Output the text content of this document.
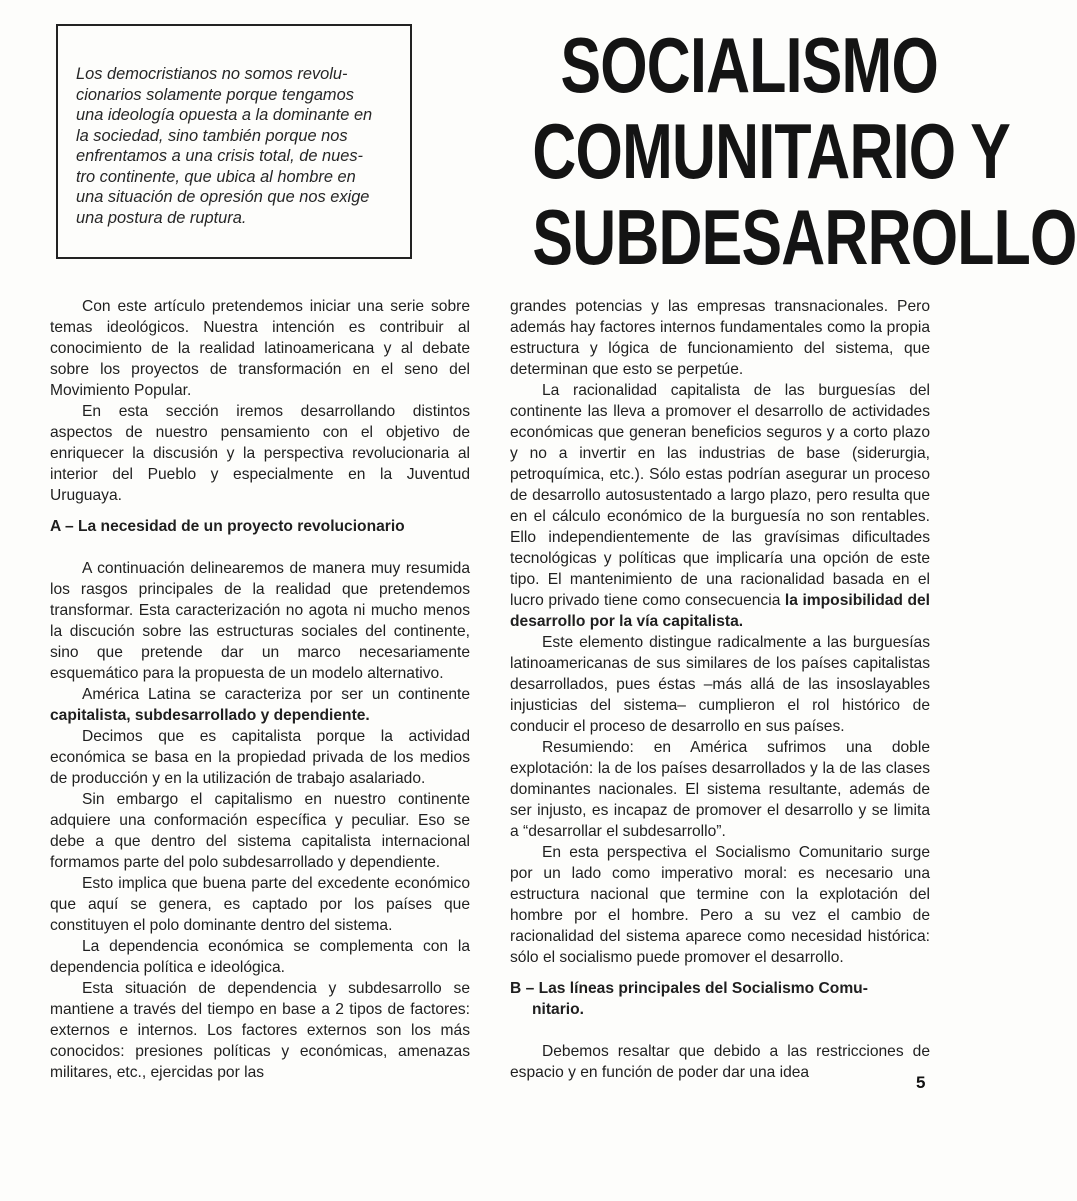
Los democristianos no somos revolu-
cionarios solamente porque tengamos
una ideología opuesta a la dominante en
la sociedad, sino también porque nos
enfrentamos a una crisis total, de nues-
tro continente, que ubica al hombre en
una situación de opresión que nos exige
una postura de ruptura.
SOCIALISMO
COMUNITARIO Y
SUBDESARROLLO

Con este artículo pretendemos iniciar una serie sobre temas ideológicos. Nuestra intención es contribuir al conocimiento de la realidad latinoamericana y al debate sobre los proyectos de transformación en el seno del Movimiento Popular.

En esta sección iremos desarrollando distintos aspectos de nuestro pensamiento con el objetivo de enriquecer la discusión y la perspectiva revolucionaria al interior del Pueblo y especialmente en la Juventud Uruguaya.

A – La necesidad de un proyecto revolucionario

A continuación delinearemos de manera muy resumida los rasgos principales de la realidad que pretendemos transformar. Esta caracterización no agota ni mucho menos la discución sobre las estructuras sociales del continente, sino que pretende dar un marco necesariamente esquemático para la propuesta de un modelo alternativo.

América Latina se caracteriza por ser un continente capitalista, subdesarrollado y dependiente.

Decimos que es capitalista porque la actividad económica se basa en la propiedad privada de los medios de producción y en la utilización de trabajo asalariado.

Sin embargo el capitalismo en nuestro continente adquiere una conformación específica y peculiar. Eso se debe a que dentro del sistema capitalista internacional formamos parte del polo subdesarrollado y dependiente.

Esto implica que buena parte del excedente económico que aquí se genera, es captado por los países que constituyen el polo dominante dentro del sistema.

La dependencia económica se complementa con la dependencia política e ideológica.

Esta situación de dependencia y subdesarrollo se mantiene a través del tiempo en base a 2 tipos de factores: externos e internos. Los factores externos son los más conocidos: presiones políticas y económicas, amenazas militares, etc., ejercidas por las

grandes potencias y las empresas transnacionales. Pero además hay factores internos fundamentales como la propia estructura y lógica de funcionamiento del sistema, que determinan que esto se perpetúe.

La racionalidad capitalista de las burguesías del continente las lleva a promover el desarrollo de actividades económicas que generan beneficios seguros y a corto plazo y no a invertir en las industrias de base (siderurgia, petroquímica, etc.). Sólo estas podrían asegurar un proceso de desarrollo autosustentado a largo plazo, pero resulta que en el cálculo económico de la burguesía no son rentables. Ello independientemente de las gravísimas dificultades tecnológicas y políticas que implicaría una opción de este tipo. El mantenimiento de una racionalidad basada en el lucro privado tiene como consecuencia la imposibilidad del desarrollo por la vía capitalista.

Este elemento distingue radicalmente a las burguesías latinoamericanas de sus similares de los países capitalistas desarrollados, pues éstas –más allá de las insoslayables injusticias del sistema– cumplieron el rol histórico de conducir el proceso de desarrollo en sus países.

Resumiendo: en América sufrimos una doble explotación: la de los países desarrollados y la de las clases dominantes nacionales. El sistema resultante, además de ser injusto, es incapaz de promover el desarrollo y se limita a “desarrollar el subdesarrollo”.

En esta perspectiva el Socialismo Comunitario surge por un lado como imperativo moral: es necesario una estructura nacional que termine con la explotación del hombre por el hombre. Pero a su vez el cambio de racionalidad del sistema aparece como necesidad histórica: sólo el socialismo puede promover el desarrollo.

B – Las líneas principales del Socialismo Comu-
nitario.

Debemos resaltar que debido a las restricciones de espacio y en función de poder dar una idea

5
